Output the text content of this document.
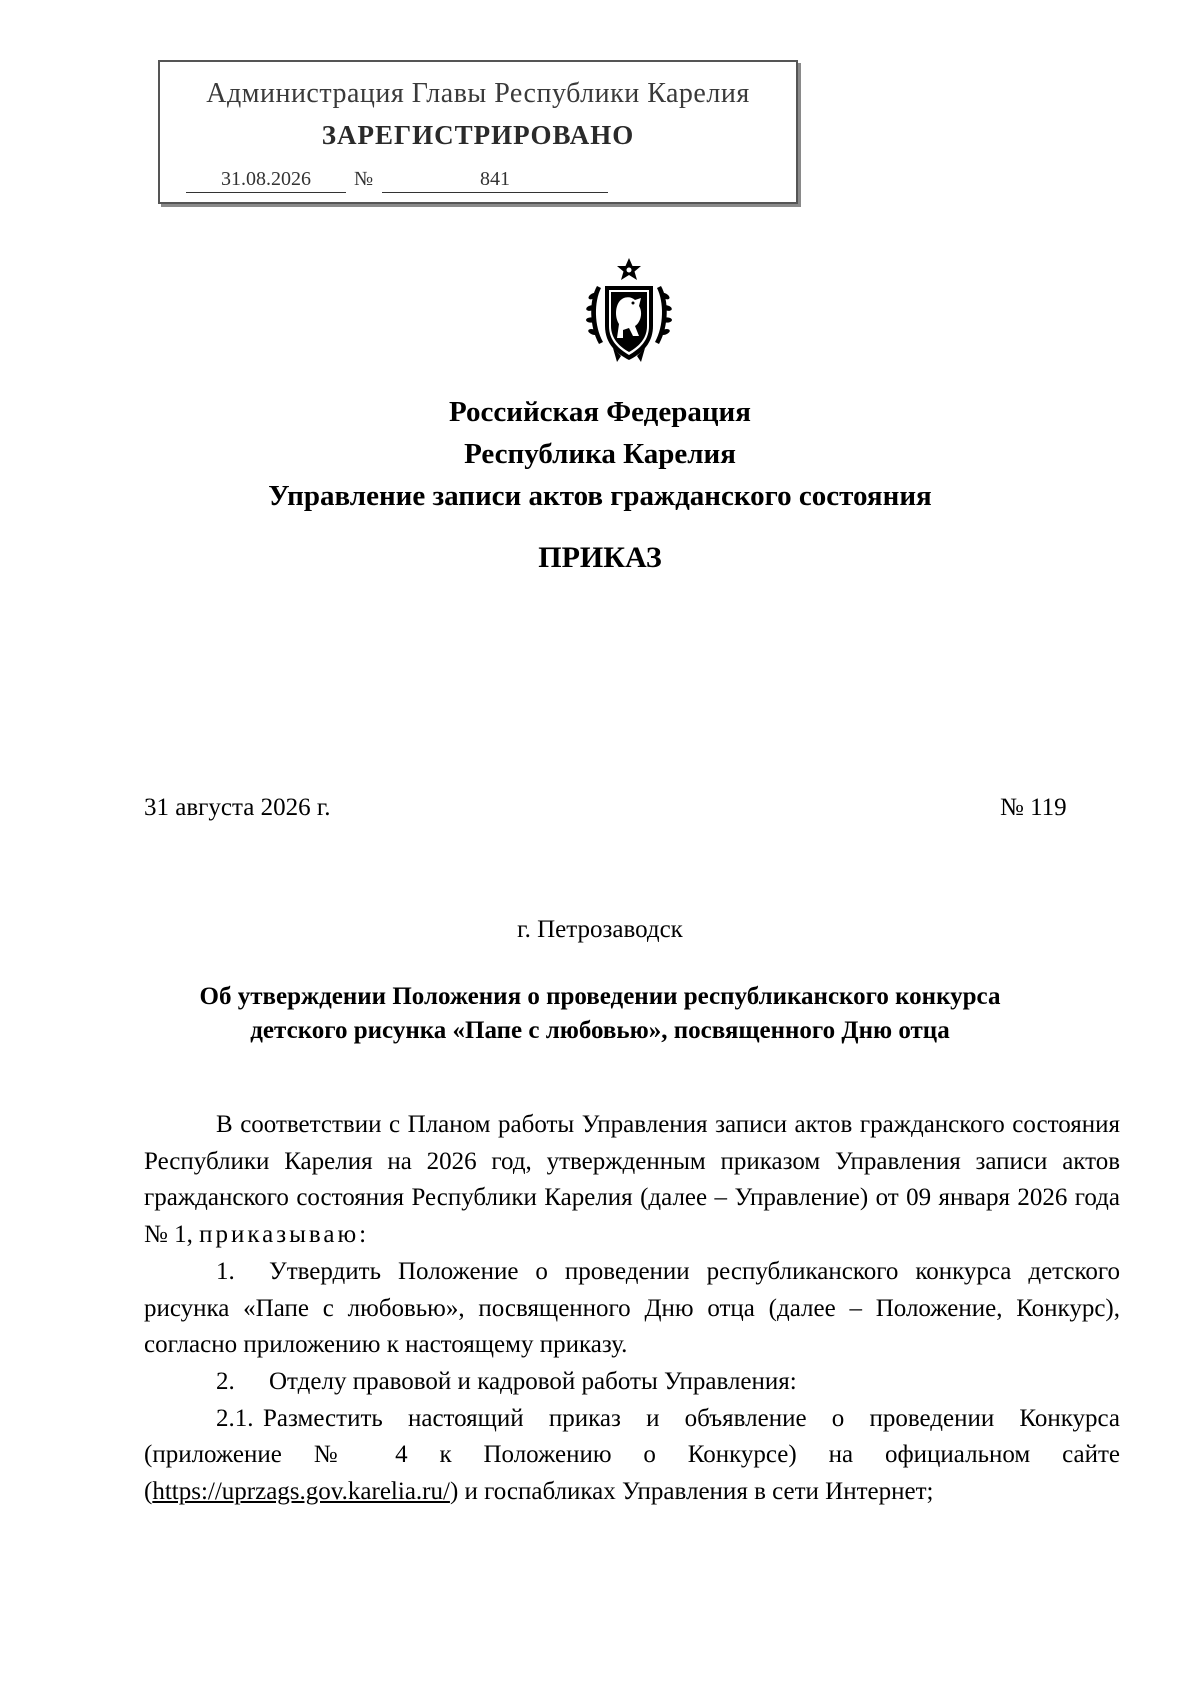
Администрация Главы Республики Карелия
ЗАРЕГИСТРИРОВАНО
31.08.2026	№	841
Российская Федерация
Республика Карелия
Управление записи актов гражданского состояния
ПРИКАЗ
31 августа 2026 г.	№ 119
г. Петрозаводск
Об утверждении Положения о проведении республиканского конкурса
детского рисунка «Папе с любовью», посвященного Дню отца

В соответствии с Планом работы Управления записи актов гражданского состояния Республики Карелия на 2026 год, утвержденным приказом Управления записи актов гражданского состояния Республики Карелия (далее – Управление) от 09 января 2026 года № 1, приказываю:

1. Утвердить Положение о проведении республиканского конкурса детского рисунка «Папе с любовью», посвященного Дню отца (далее – Положение, Конкурс), согласно приложению к настоящему приказу.

2. Отделу правовой и кадровой работы Управления:

2.1. Разместить настоящий приказ и объявление о проведении Конкурса (приложение № 4 к Положению о Конкурсе) на официальном сайте (https://uprzags.gov.karelia.ru/) и госпабликах Управления в сети Интернет;
